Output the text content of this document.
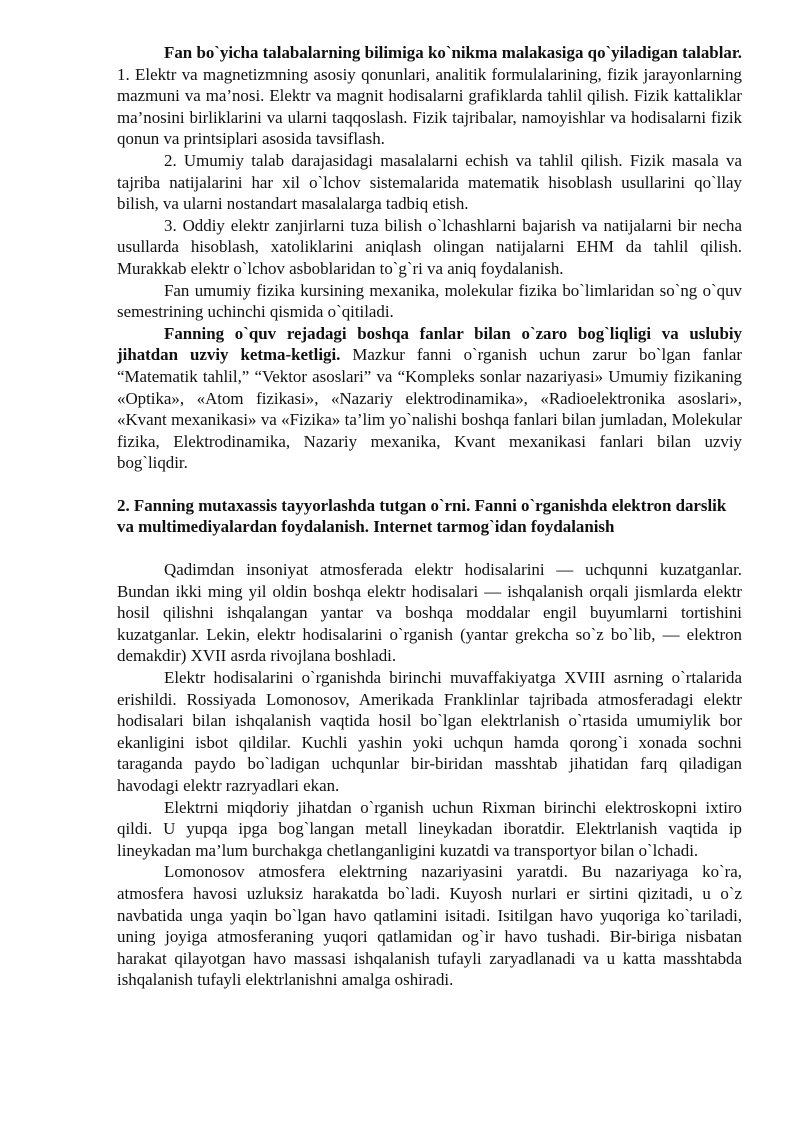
Fan bo`yicha talabalarning bilimiga ko`nikma malakasiga qo`yiladigan talablar. 1. Elektr va magnetizmning asosiy qonunlari, analitik formulalarining, fizik jarayonlarning mazmuni va ma’nosi. Elektr va magnit hodisalarni grafiklarda tahlil qilish. Fizik kattaliklar ma’nosini birliklarini va ularni taqqoslash. Fizik tajribalar, namoyishlar va hodisalarni fizik qonun va printsiplari asosida tavsiflash.

2. Umumiy talab darajasidagi masalalarni echish va tahlil qilish. Fizik masala va tajriba natijalarini har xil o`lchov sistemalarida matematik hisoblash usullarini qo`llay bilish, va ularni nostandart masalalarga tadbiq etish.

3. Oddiy elektr zanjirlarni tuza bilish o`lchashlarni bajarish va natijalarni bir necha usullarda hisoblash, xatoliklarini aniqlash olingan natijalarni EHM da tahlil qilish. Murakkab elektr o`lchov asboblaridan to`g`ri va aniq foydalanish.

Fan umumiy fizika kursining mexanika, molekular fizika bo`limlaridan so`ng o`quv semestrining uchinchi qismida o`qitiladi.

Fanning o`quv rejadagi boshqa fanlar bilan o`zaro bog`liqligi va uslubiy jihatdan uzviy ketma-ketligi. Mazkur fanni o`rganish uchun zarur bo`lgan fanlar “Matematik tahlil,” “Vektor asoslari” va “Kompleks sonlar nazariyasi» Umumiy fizikaning «Optika», «Atom fizikasi», «Nazariy elektrodinamika», «Radioelektronika asoslari», «Kvant mexanikasi» va «Fizika» ta’lim yo`nalishi boshqa fanlari bilan jumladan, Molekular fizika, Elektrodinamika, Nazariy mexanika, Kvant mexanikasi fanlari bilan uzviy bog`liqdir.

2. Fanning mutaxassis tayyorlashda tutgan o`rni. Fanni o`rganishda elektron darslik va multimediyalardan foydalanish. Internet tarmog`idan foydalanish

Qadimdan insoniyat atmosferada elektr hodisalarini — uchqunni kuzatganlar. Bundan ikki ming yil oldin boshqa elektr hodisalari — ishqalanish orqali jismlarda elektr hosil qilishni ishqalangan yantar va boshqa moddalar engil buyumlarni tortishini kuzatganlar. Lekin, elektr hodisalarini o`rganish (yantar grekcha so`z bo`lib, — elektron demakdir) XVII asrda rivojlana boshladi.

Elektr hodisalarini o`rganishda birinchi muvaffakiyatga XVIII asrning o`rtalarida erishildi. Rossiyada Lomonosov, Amerikada Franklinlar tajribada atmosferadagi elektr hodisalari bilan ishqalanish vaqtida hosil bo`lgan elektrlanish o`rtasida umumiylik bor ekanligini isbot qildilar. Kuchli yashin yoki uchqun hamda qorong`i xonada sochni taraganda paydo bo`ladigan uchqunlar bir-biridan masshtab jihatidan farq qiladigan havodagi elektr razryadlari ekan.

Elektrni miqdoriy jihatdan o`rganish uchun Rixman birinchi elektroskopni ixtiro qildi. U yupqa ipga bog`langan metall lineykadan iboratdir. Elektrlanish vaqtida ip lineykadan ma’lum burchakga chetlanganligini kuzatdi va transportyor bilan o`lchadi.

Lomonosov atmosfera elektrning nazariyasini yaratdi. Bu nazariyaga ko`ra, atmosfera havosi uzluksiz harakatda bo`ladi. Kuyosh nurlari er sirtini qizitadi, u o`z navbatida unga yaqin bo`lgan havo qatlamini isitadi. Isitilgan havo yuqoriga ko`tariladi, uning joyiga atmosferaning yuqori qatlamidan og`ir havo tushadi. Bir-biriga nisbatan harakat qilayotgan havo massasi ishqalanish tufayli zaryadlanadi va u katta masshtabda ishqalanish tufayli elektrlanishni amalga oshiradi.
